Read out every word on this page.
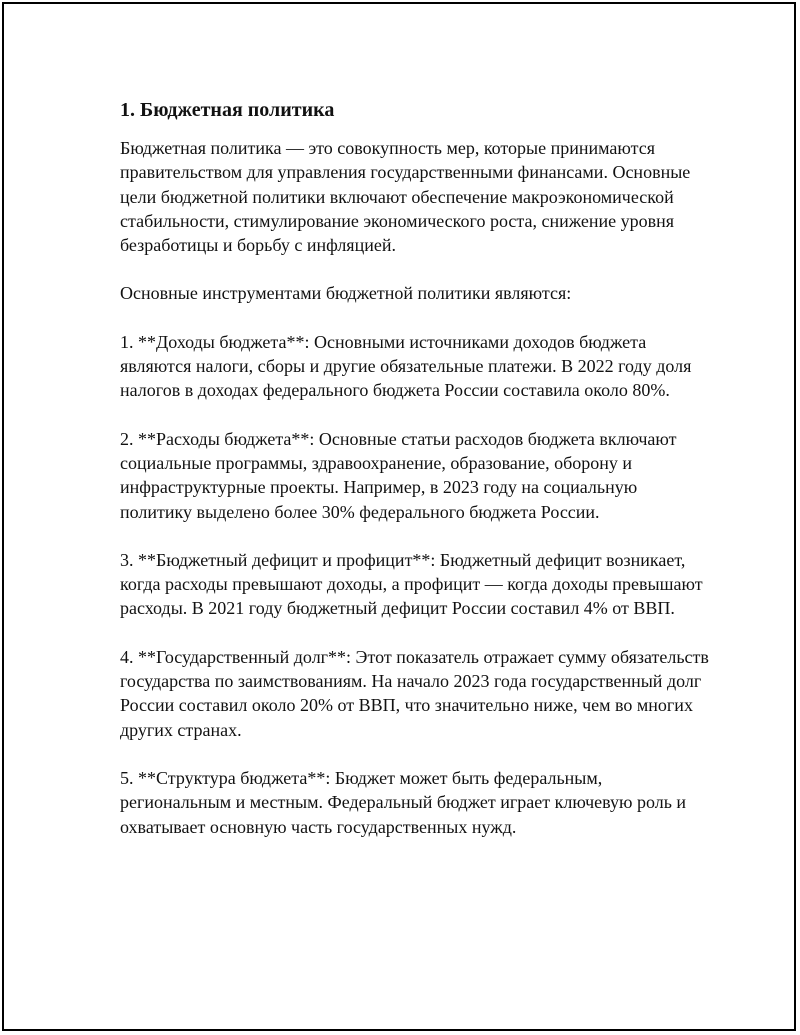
1. Бюджетная политика

Бюджетная политика — это совокупность мер, которые принимаются правительством для управления государственными финансами. Основные цели бюджетной политики включают обеспечение макроэкономической стабильности, стимулирование экономического роста, снижение уровня безработицы и борьбу с инфляцией.

Основные инструментами бюджетной политики являются:

1. **Доходы бюджета**: Основными источниками доходов бюджета являются налоги, сборы и другие обязательные платежи. В 2022 году доля налогов в доходах федерального бюджета России составила около 80%.

2. **Расходы бюджета**: Основные статьи расходов бюджета включают социальные программы, здравоохранение, образование, оборону и инфраструктурные проекты. Например, в 2023 году на социальную политику выделено более 30% федерального бюджета России.

3. **Бюджетный дефицит и профицит**: Бюджетный дефицит возникает, когда расходы превышают доходы, а профицит — когда доходы превышают расходы. В 2021 году бюджетный дефицит России составил 4% от ВВП.

4. **Государственный долг**: Этот показатель отражает сумму обязательств государства по заимствованиям. На начало 2023 года государственный долг России составил около 20% от ВВП, что значительно ниже, чем во многих других странах.

5. **Структура бюджета**: Бюджет может быть федеральным, региональным и местным. Федеральный бюджет играет ключевую роль и охватывает основную часть государственных нужд.
